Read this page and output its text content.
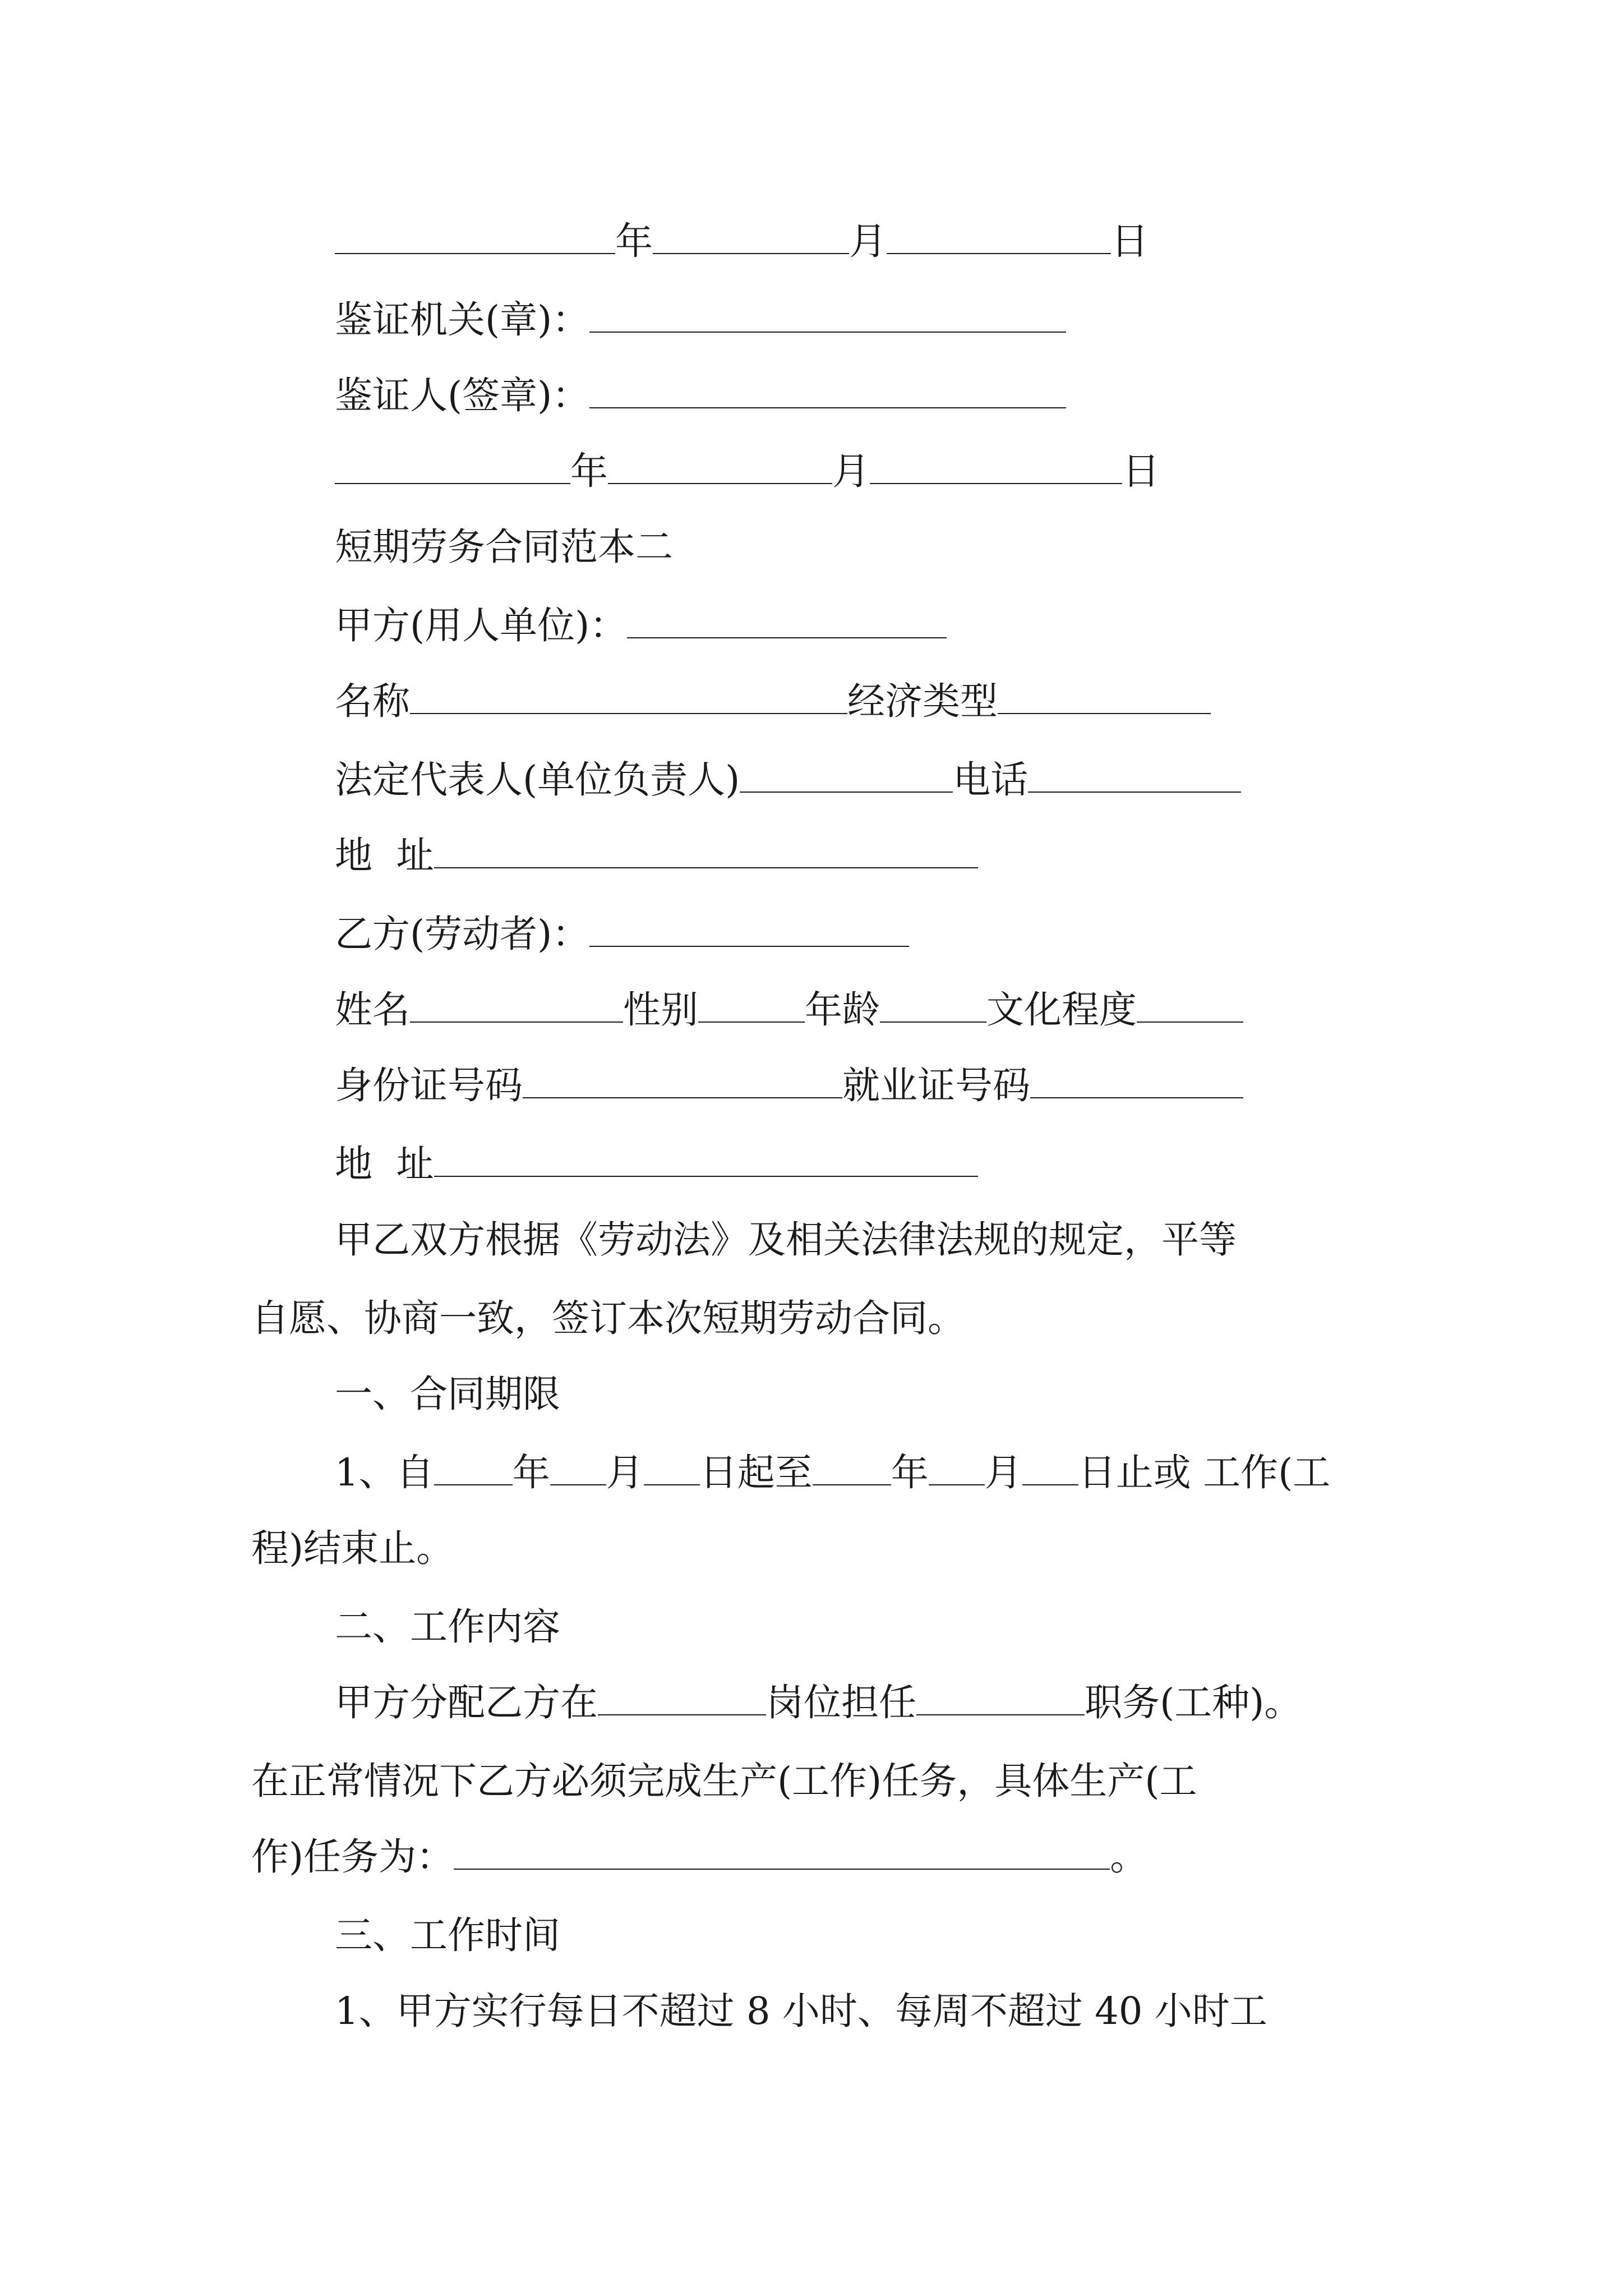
年	月	日
鉴证机关(章)：
鉴证人(签章)：
年	月	日
短期劳务合同范本二
甲方(用人单位)：
名称	经济类型
法定代表人(单位负责人)	电话
地  址
乙方(劳动者)：
姓名	性别	年龄	文化程度
身份证号码	就业证号码
地  址
甲乙双方根据《劳动法》及相关法律法规的规定，平等
自愿、协商一致，签订本次短期劳动合同。
一、合同期限
1、自 年 月 日起至 年 月 日止或 工作(工
程)结束止。
二、工作内容
甲方分配乙方在	岗位担任	职务(工种)。
在正常情况下乙方必须完成生产(工作)任务，具体生产(工
作)任务为：	。
三、工作时间
1、甲方实行每日不超过 8 小时、每周不超过 40 小时工
